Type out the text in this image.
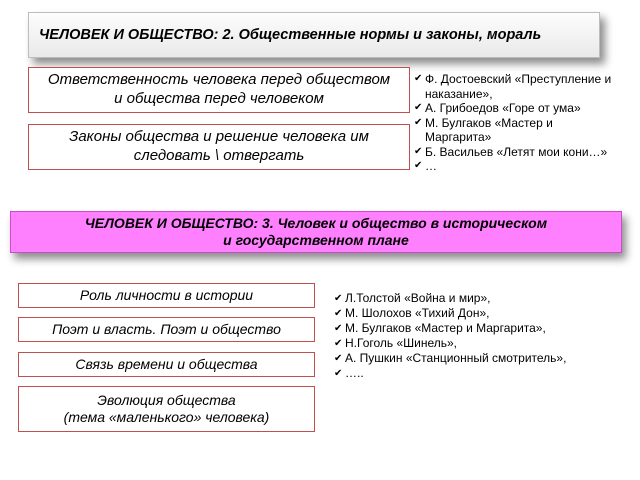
ЧЕЛОВЕК И ОБЩЕСТВО: 2. Общественные нормы и законы, мораль
Ответственность человека перед обществом
и общества перед человеком
Законы общества и решение человека им
следовать \ отвергать
✔ Ф. Достоевский «Преступление и наказание»,
✔ А. Грибоедов «Горе от ума»
✔ М. Булгаков «Мастер и Маргарита»
✔ Б. Васильев «Летят мои кони…»
✔ …
ЧЕЛОВЕК И ОБЩЕСТВО: 3. Человек и общество в историческом
и государственном плане
Роль личности в истории
Поэт и власть. Поэт и общество
Связь времени и общества
Эволюция общества
(тема «маленького» человека)
✔ Л.Толстой «Война и мир»,
✔ М. Шолохов «Тихий Дон»,
✔ М. Булгаков «Мастер и Маргарита»,
✔ Н.Гоголь «Шинель»,
✔ А. Пушкин «Станционный смотритель»,
✔ …..
